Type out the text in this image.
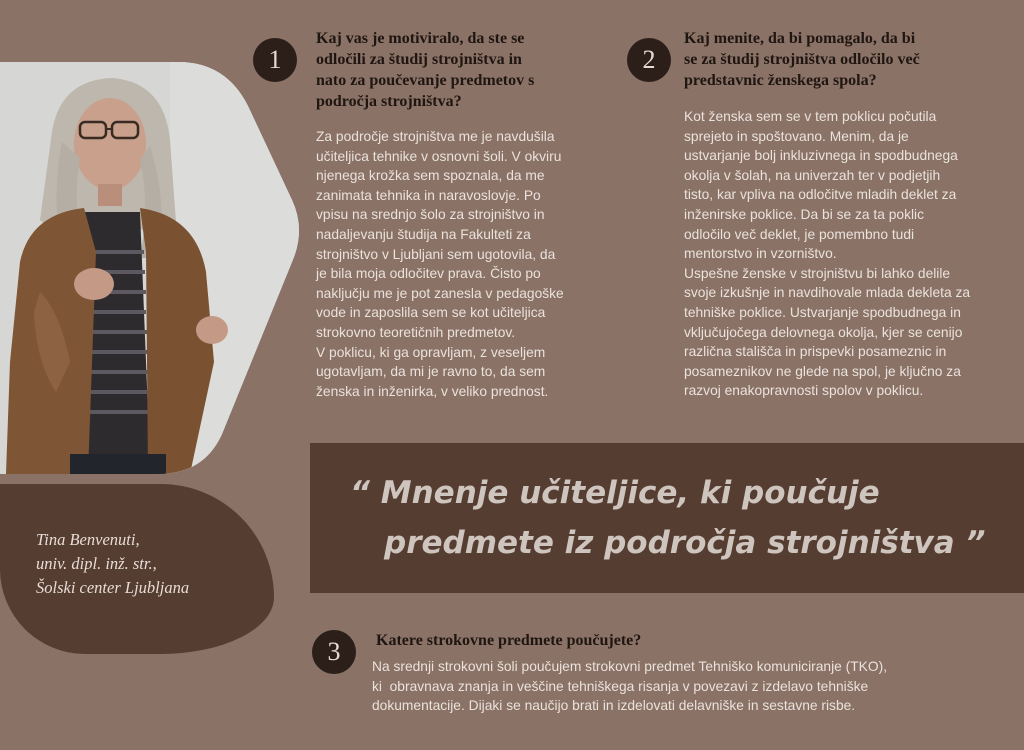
Tina Benvenuti,
univ. dipl. inž. str.,
Šolski center Ljubljana
1
Kaj vas je motiviralo, da ste se
odločili za študij strojništva in
nato za poučevanje predmetov s
področja strojništva?

Za področje strojništva me je navdušila

učiteljica tehnike v osnovni šoli. V okviru

njenega krožka sem spoznala, da me

zanimata tehnika in naravoslovje. Po

vpisu na srednjo šolo za strojništvo in

nadaljevanju študija na Fakulteti za

strojništvo v Ljubljani sem ugotovila, da

je bila moja odločitev prava. Čisto po

naključju me je pot zanesla v pedagoške

vode in zaposlila sem se kot učiteljica

strokovno teoretičnih predmetov.

V poklicu, ki ga opravljam, z veseljem

ugotavljam, da mi je ravno to, da sem

ženska in inženirka, v veliko prednost.

2
Kaj menite, da bi pomagalo, da bi
se za študij strojništva odločilo več
predstavnic ženskega spola?

Kot ženska sem se v tem poklicu počutila

sprejeto in spoštovano. Menim, da je

ustvarjanje bolj inkluzivnega in spodbudnega

okolja v šolah, na univerzah ter v podjetjih

tisto, kar vpliva na odločitve mladih deklet za

inženirske poklice. Da bi se za ta poklic

odločilo več deklet, je pomembno tudi

mentorstvo in vzorništvo.

Uspešne ženske v strojništvu bi lahko delile

svoje izkušnje in navdihovale mlada dekleta za

tehniške poklice. Ustvarjanje spodbudnega in

vključujočega delovnega okolja, kjer se cenijo

različna stališča in prispevki posameznic in

posameznikov ne glede na spol, je ključno za

razvoj enakopravnosti spolov v poklicu.

“ Mnenje učiteljice, ki poučuje
predmete iz področja strojništva ”
3	Katere strokovne predmete poučujete?

Na srednji strokovni šoli poučujem strokovni predmet Tehniško komuniciranje (TKO),

ki  obravnava znanja in veščine tehniškega risanja v povezavi z izdelavo tehniške

dokumentacije. Dijaki se naučijo brati in izdelovati delavniške in sestavne risbe.
